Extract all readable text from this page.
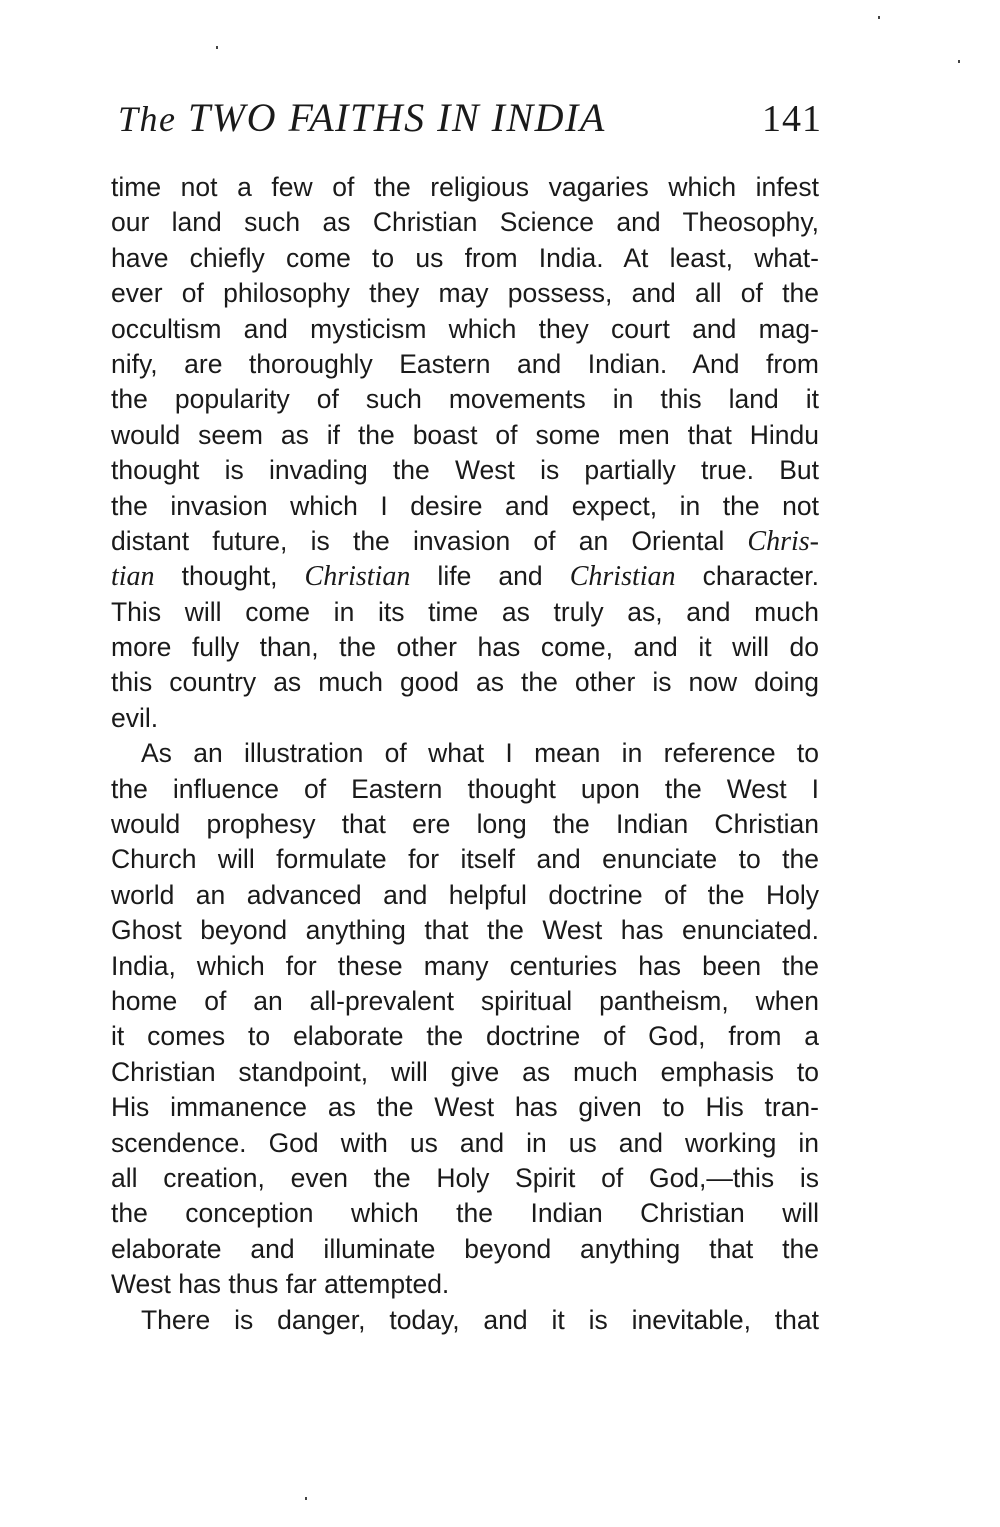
The TWO FAITHS IN INDIA	141
time not a few of the religious vagaries which infest
our land such as Christian Science and Theosophy,
have chiefly come to us from India. At least, what-
ever of philosophy they may possess, and all of the
occultism and mysticism which they court and mag-
nify, are thoroughly Eastern and Indian. And from
the popularity of such movements in this land it
would seem as if the boast of some men that Hindu
thought is invading the West is partially true. But
the invasion which I desire and expect, in the not
distant future, is the invasion of an Oriental Chris-
tian thought, Christian life and Christian character.
This will come in its time as truly as, and much
more fully than, the other has come, and it will do
this country as much good as the other is now doing
evil.
As an illustration of what I mean in reference to
the influence of Eastern thought upon the West I
would prophesy that ere long the Indian Christian
Church will formulate for itself and enunciate to the
world an advanced and helpful doctrine of the Holy
Ghost beyond anything that the West has enunciated.
India, which for these many centuries has been the
home of an all-prevalent spiritual pantheism, when
it comes to elaborate the doctrine of God, from a
Christian standpoint, will give as much emphasis to
His immanence as the West has given to His tran-
scendence. God with us and in us and working in
all creation, even the Holy Spirit of God,—this is
the conception which the Indian Christian will
elaborate and illuminate beyond anything that the
West has thus far attempted.
There is danger, today, and it is inevitable, that
